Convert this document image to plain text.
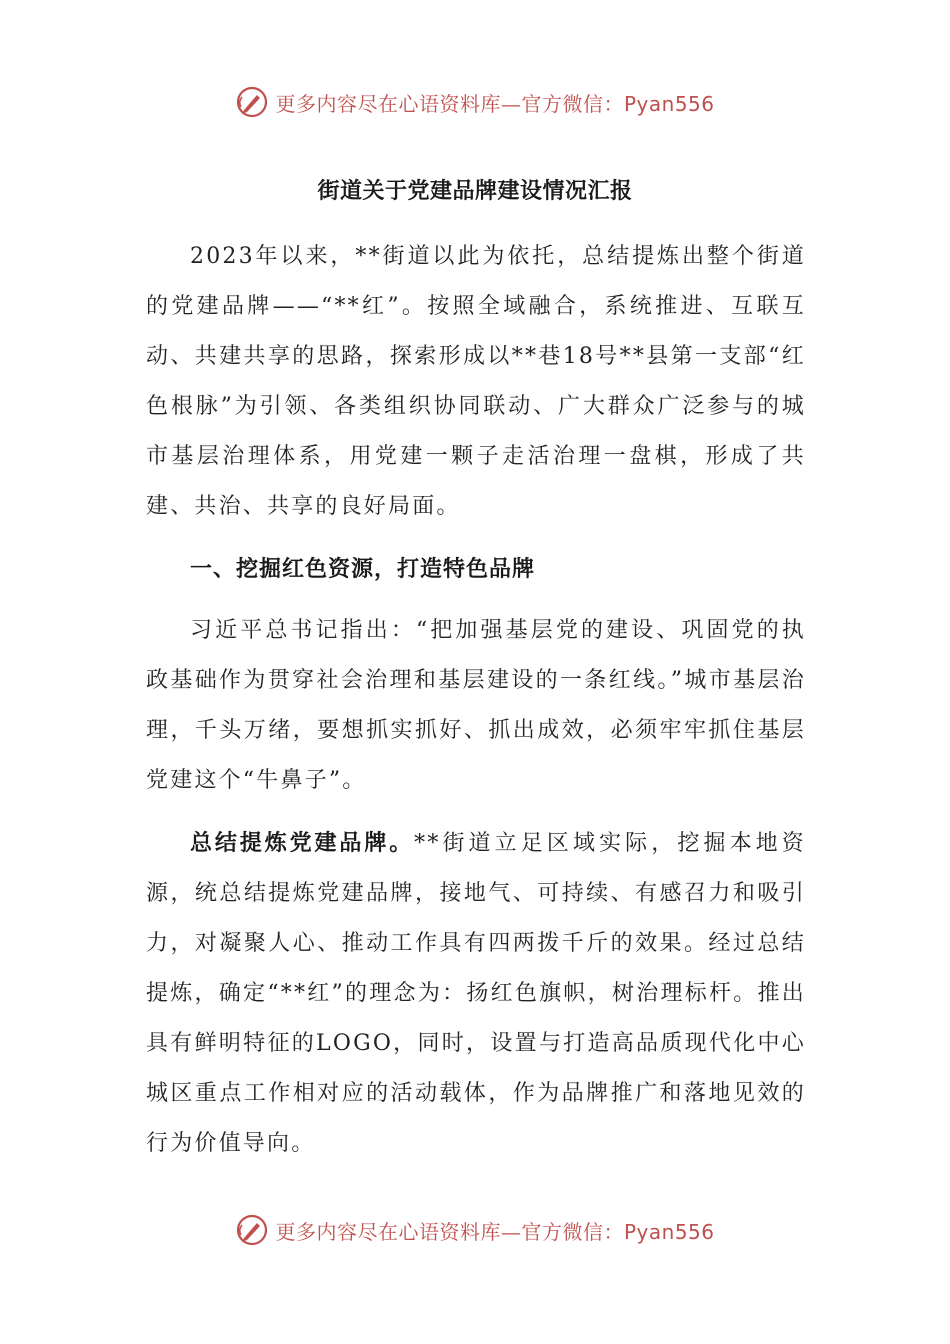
更多内容尽在心语资料库—官方微信：Pyan556
街道关于党建品牌建设情况汇报

2023年以来，**街道以此为依托，总结提炼出整个街道的党建品牌——“**红”。按照全域融合，系统推进、互联互动、共建共享的思路，探索形成以**巷18号**县第一支部“红色根脉”为引领、各类组织协同联动、广大群众广泛参与的城市基层治理体系，用党建一颗子走活治理一盘棋，形成了共建、共治、共享的良好局面。

一、挖掘红色资源，打造特色品牌

习近平总书记指出：“把加强基层党的建设、巩固党的执政基础作为贯穿社会治理和基层建设的一条红线。”城市基层治理，千头万绪，要想抓实抓好、抓出成效，必须牢牢抓住基层党建这个“牛鼻子”。

总结提炼党建品牌。**街道立足区域实际，挖掘本地资源，统总结提炼党建品牌，接地气、可持续、有感召力和吸引力，对凝聚人心、推动工作具有四两拨千斤的效果。经过总结提炼，确定“**红”的理念为：扬红色旗帜，树治理标杆。推出具有鲜明特征的LOGO，同时，设置与打造高品质现代化中心城区重点工作相对应的活动载体，作为品牌推广和落地见效的行为价值导向。

更多内容尽在心语资料库—官方微信：Pyan556
